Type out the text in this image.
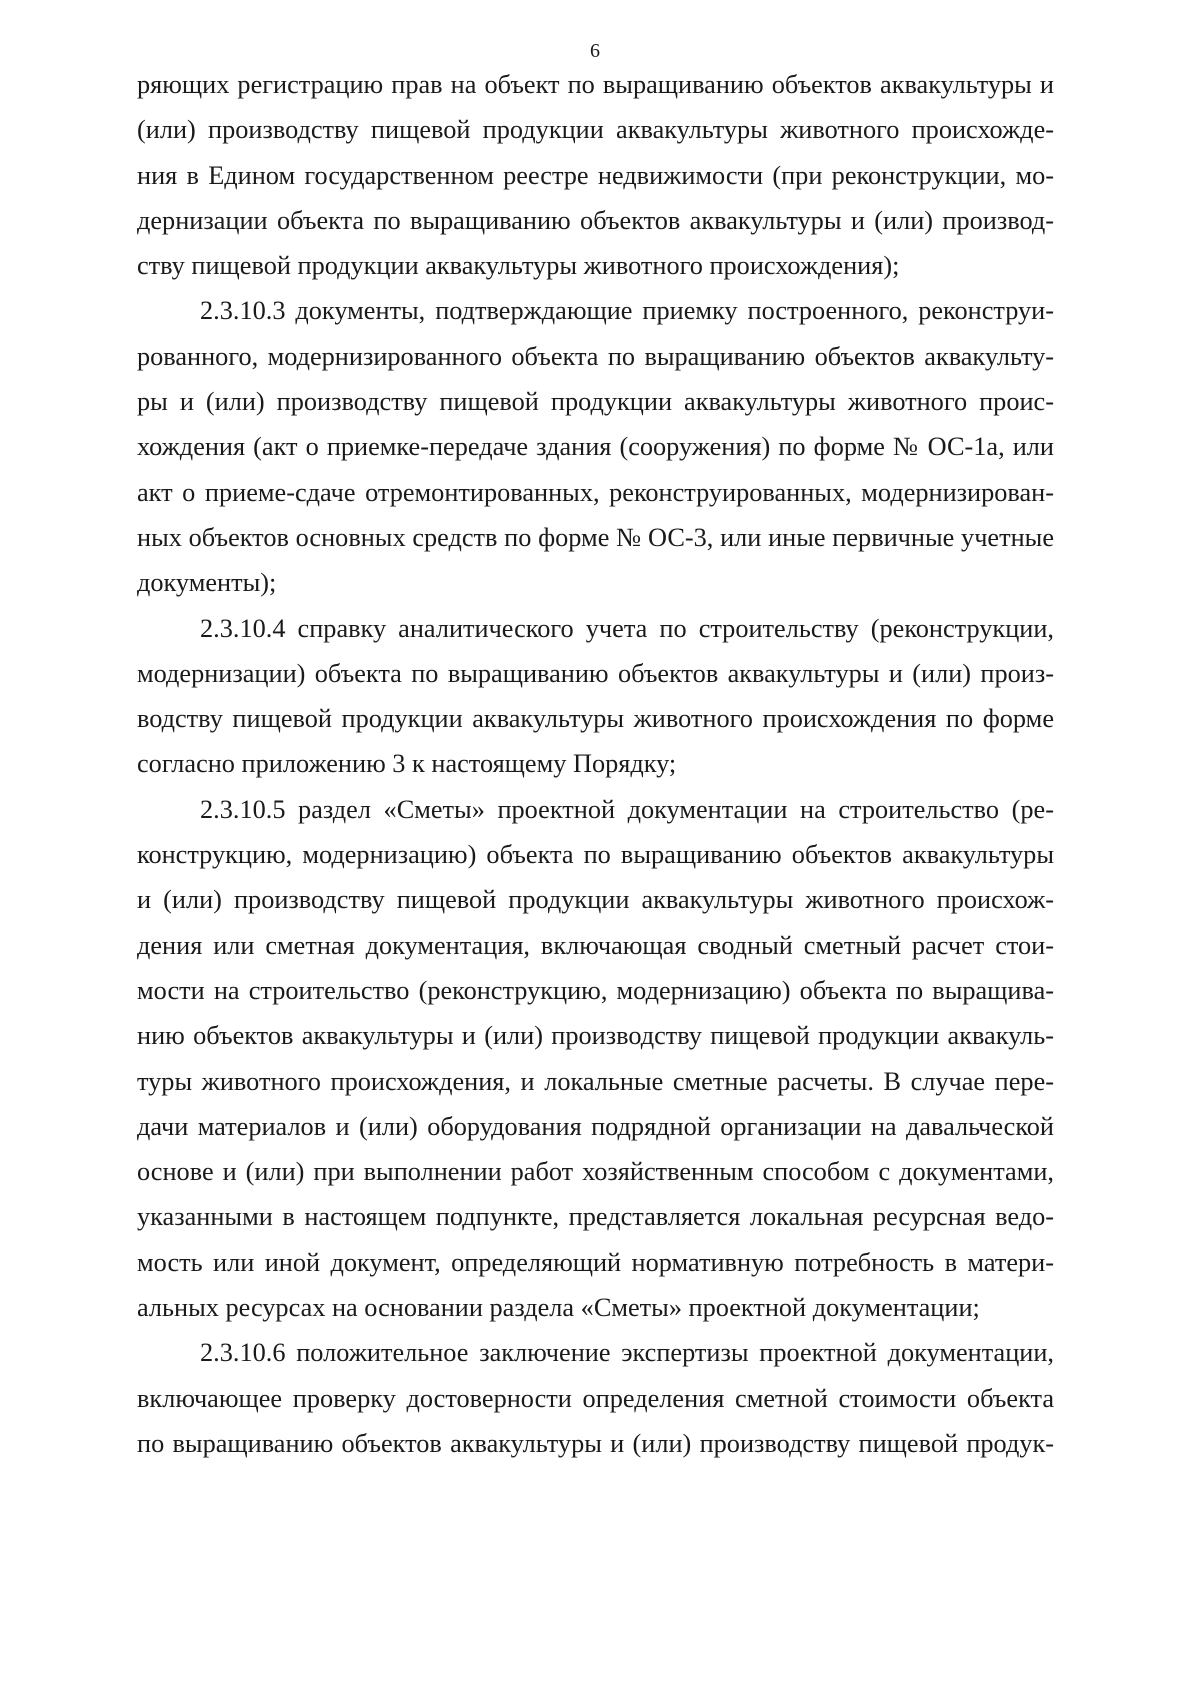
6
ряющих регистрацию прав на объект по выращиванию объектов аквакультуры и
(или) производству пищевой продукции аквакультуры животного происхожде-
ния в Едином государственном реестре недвижимости (при реконструкции, мо-
дернизации объекта по выращиванию объектов аквакультуры и (или) производ-
ству пищевой продукции аквакультуры животного происхождения);
2.3.10.3 документы, подтверждающие приемку построенного, реконструи-
рованного, модернизированного объекта по выращиванию объектов аквакульту-
ры и (или) производству пищевой продукции аквакультуры животного проис-
хождения (акт о приемке-передаче здания (сооружения) по форме № ОС-1а, или
акт о приеме-сдаче отремонтированных, реконструированных, модернизирован-
ных объектов основных средств по форме № ОС-3, или иные первичные учетные
документы);
2.3.10.4 справку аналитического учета по строительству (реконструкции,
модернизации) объекта по выращиванию объектов аквакультуры и (или) произ-
водству пищевой продукции аквакультуры животного происхождения по форме
согласно приложению 3 к настоящему Порядку;
2.3.10.5 раздел «Сметы» проектной документации на строительство (ре-
конструкцию, модернизацию) объекта по выращиванию объектов аквакультуры
и (или) производству пищевой продукции аквакультуры животного происхож-
дения или сметная документация, включающая сводный сметный расчет стои-
мости на строительство (реконструкцию, модернизацию) объекта по выращива-
нию объектов аквакультуры и (или) производству пищевой продукции аквакуль-
туры животного происхождения, и локальные сметные расчеты. В случае пере-
дачи материалов и (или) оборудования подрядной организации на давальческой
основе и (или) при выполнении работ хозяйственным способом с документами,
указанными в настоящем подпункте, представляется локальная ресурсная ведо-
мость или иной документ, определяющий нормативную потребность в матери-
альных ресурсах на основании раздела «Сметы» проектной документации;
2.3.10.6 положительное заключение экспертизы проектной документации,
включающее проверку достоверности определения сметной стоимости объекта
по выращиванию объектов аквакультуры и (или) производству пищевой продук-
